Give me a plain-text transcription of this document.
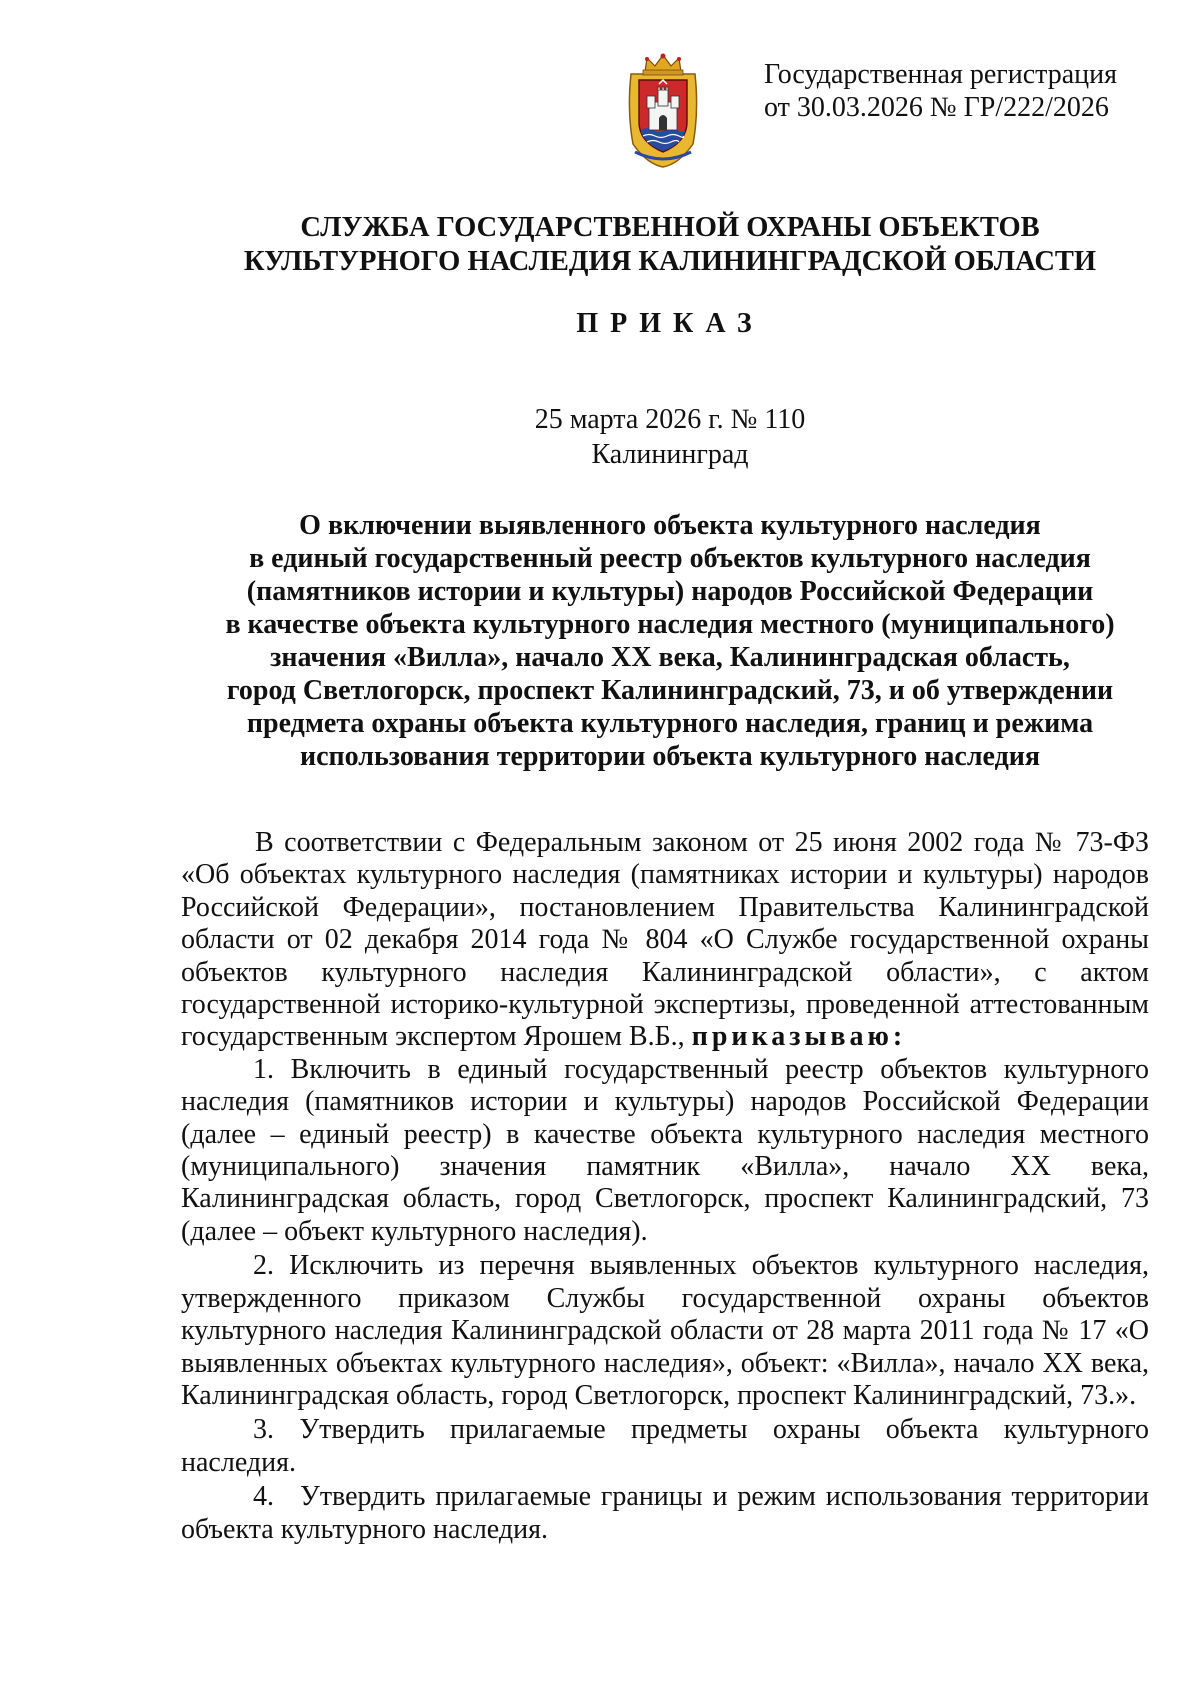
Государственная регистрация
от 30.03.2026 № ГР/222/2026
СЛУЖБА ГОСУДАРСТВЕННОЙ ОХРАНЫ ОБЪЕКТОВ
КУЛЬТУРНОГО НАСЛЕДИЯ КАЛИНИНГРАДСКОЙ ОБЛАСТИ
ПРИКАЗ
25 марта 2026 г. № 110
Калининград
О включении выявленного объекта культурного наследия
в единый государственный реестр объектов культурного наследия
(памятников истории и культуры) народов Российской Федерации
в качестве объекта культурного наследия местного (муниципального)
значения «Вилла», начало XX века, Калининградская область,
город Светлогорск, проспект Калининградский, 73, и об утверждении
предмета охраны объекта культурного наследия, границ и режима
использования территории объекта культурного наследия

В соответствии с Федеральным законом от 25 июня 2002 года № 73-ФЗ «Об объектах культурного наследия (памятниках истории и культуры) народов Российской Федерации», постановлением Правительства Калининградской области от 02 декабря 2014 года № 804 «О Службе государственной охраны объектов культурного наследия Калининградской области», с актом государственной историко-культурной экспертизы, проведенной аттестованным государственным экспертом Ярошем В.Б., приказываю:

1. Включить в единый государственный реестр объектов культурного наследия (памятников истории и культуры) народов Российской Федерации (далее – единый реестр) в качестве объекта культурного наследия местного (муниципального) значения памятник «Вилла», начало XX века, Калининградская область, город Светлогорск, проспект Калининградский, 73 (далее – объект культурного наследия).

2. Исключить из перечня выявленных объектов культурного наследия, утвержденного приказом Службы государственной охраны объектов культурного наследия Калининградской области от 28 марта 2011 года № 17 «О выявленных объектах культурного наследия», объект: «Вилла», начало XX века, Калининградская область, город Светлогорск, проспект Калининградский, 73.».

3. Утвердить прилагаемые предметы охраны объекта культурного наследия.

4. Утвердить прилагаемые границы и режим использования территории объекта культурного наследия.
